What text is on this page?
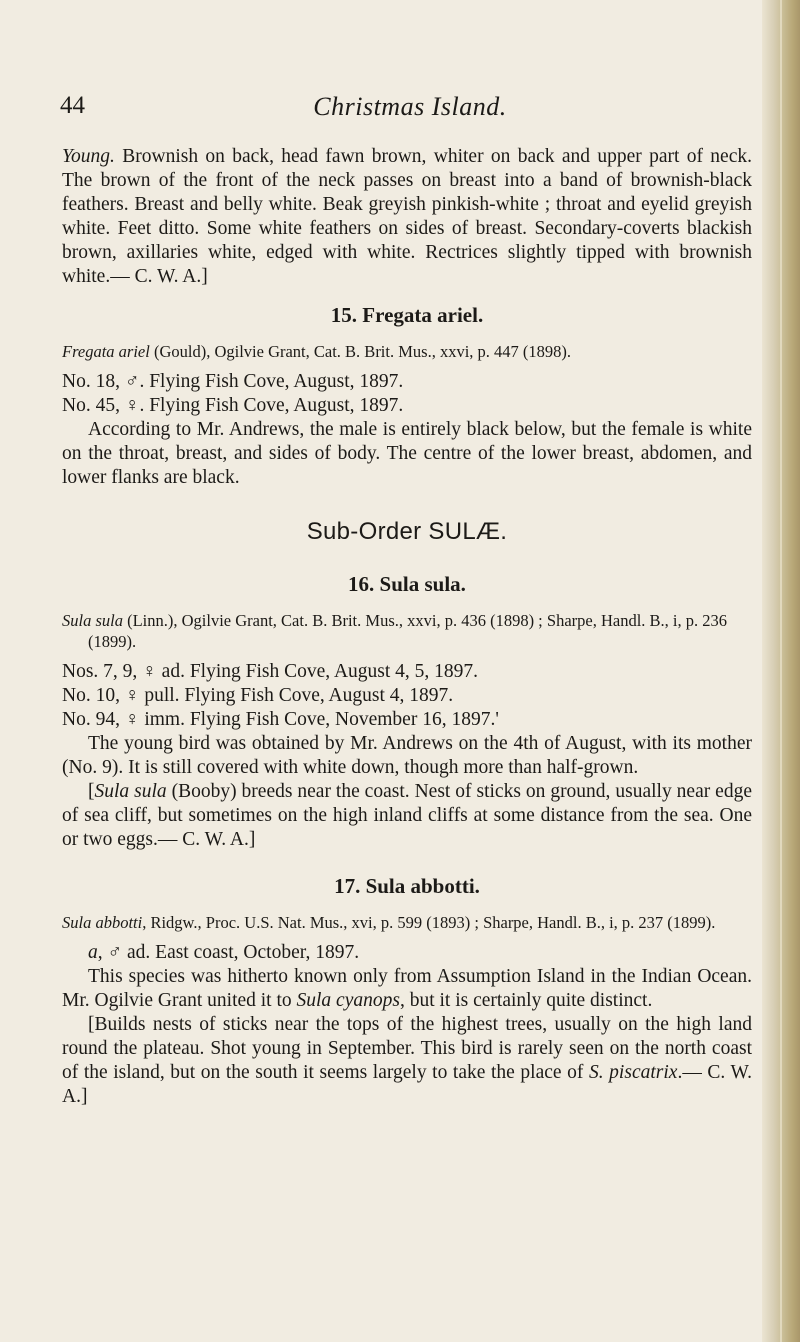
44	Christmas Island.

Young. Brownish on back, head fawn brown, whiter on back and upper part of neck. The brown of the front of the neck passes on breast into a band of brownish-black feathers. Breast and belly white. Beak greyish pinkish-white ; throat and eyelid greyish white. Feet ditto. Some white feathers on sides of breast. Secondary-coverts blackish brown, axillaries white, edged with white. Rectrices slightly tipped with brownish white.— C. W. A.]

15. Fregata ariel.

Fregata ariel (Gould), Ogilvie Grant, Cat. B. Brit. Mus., xxvi, p. 447 (1898).

No. 18, ♂. Flying Fish Cove, August, 1897.

No. 45, ♀. Flying Fish Cove, August, 1897.

According to Mr. Andrews, the male is entirely black below, but the female is white on the throat, breast, and sides of body. The centre of the lower breast, abdomen, and lower flanks are black.

Sub-Order SULÆ.
16. Sula sula.

Sula sula (Linn.), Ogilvie Grant, Cat. B. Brit. Mus., xxvi, p. 436 (1898) ; Sharpe, Handl. B., i, p. 236 (1899).

Nos. 7, 9, ♀ ad. Flying Fish Cove, August 4, 5, 1897.

No. 10, ♀ pull. Flying Fish Cove, August 4, 1897.

No. 94, ♀ imm. Flying Fish Cove, November 16, 1897.'

The young bird was obtained by Mr. Andrews on the 4th of August, with its mother (No. 9). It is still covered with white down, though more than half-grown.

[Sula sula (Booby) breeds near the coast. Nest of sticks on ground, usually near edge of sea cliff, but sometimes on the high inland cliffs at some distance from the sea. One or two eggs.— C. W. A.]

17. Sula abbotti.

Sula abbotti, Ridgw., Proc. U.S. Nat. Mus., xvi, p. 599 (1893) ; Sharpe, Handl. B., i, p. 237 (1899).

a, ♂ ad. East coast, October, 1897.

This species was hitherto known only from Assumption Island in the Indian Ocean. Mr. Ogilvie Grant united it to Sula cyanops, but it is certainly quite distinct.

[Builds nests of sticks near the tops of the highest trees, usually on the high land round the plateau. Shot young in September. This bird is rarely seen on the north coast of the island, but on the south it seems largely to take the place of S. piscatrix.— C. W. A.]
